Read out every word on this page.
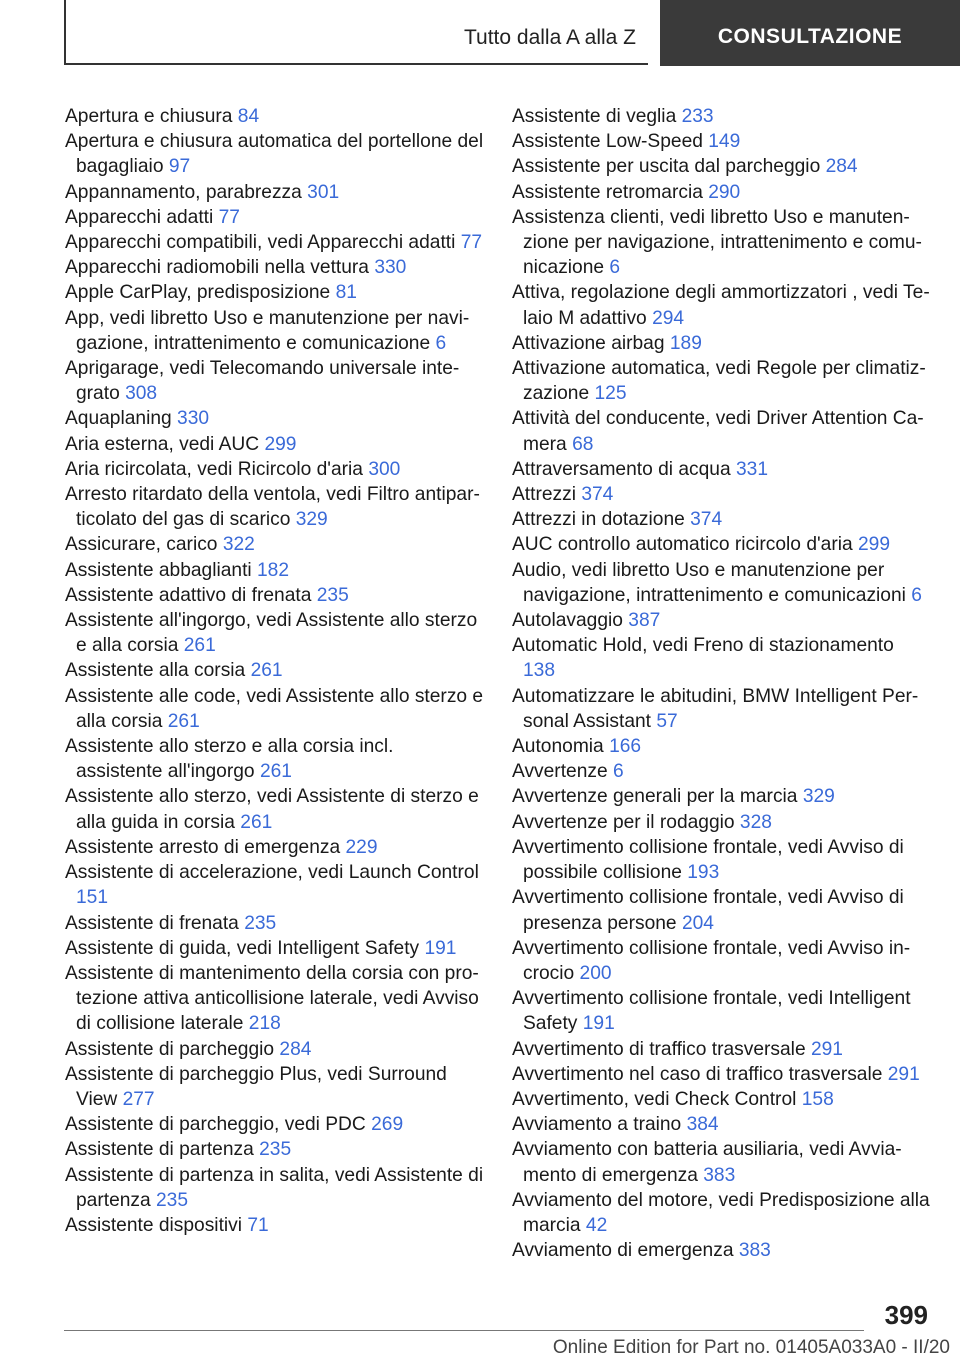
Tutto dalla A alla Z	CONSULTAZIONE
Apertura e chiusura 84
Apertura e chiusura automatica del portellone del bagagliaio 97
Appannamento, parabrezza 301
Apparecchi adatti 77
Apparecchi compatibili, vedi Apparecchi adatti 77
Apparecchi radiomobili nella vettura 330
Apple CarPlay, predisposizione 81
App, vedi libretto Uso e manutenzione per navigazione, intrattenimento e comunicazione 6
Aprigarage, vedi Telecomando universale integrato 308
Aquaplaning 330
Aria esterna, vedi AUC 299
Aria ricircolata, vedi Ricircolo d'aria 300
Arresto ritardato della ventola, vedi Filtro antiparticolato del gas di scarico 329
Assicurare, carico 322
Assistente abbaglianti 182
Assistente adattivo di frenata 235
Assistente all'ingorgo, vedi Assistente allo sterzo e alla corsia 261
Assistente alla corsia 261
Assistente alle code, vedi Assistente allo sterzo e alla corsia 261
Assistente allo sterzo e alla corsia incl. assistente all'ingorgo 261
Assistente allo sterzo, vedi Assistente di sterzo e alla guida in corsia 261
Assistente arresto di emergenza 229
Assistente di accelerazione, vedi Launch Control 151
Assistente di frenata 235
Assistente di guida, vedi Intelligent Safety 191
Assistente di mantenimento della corsia con protezione attiva anticollisione laterale, vedi Avviso di collisione laterale 218
Assistente di parcheggio 284
Assistente di parcheggio Plus, vedi Surround View 277
Assistente di parcheggio, vedi PDC 269
Assistente di partenza 235
Assistente di partenza in salita, vedi Assistente di partenza 235
Assistente dispositivi 71
Assistente di veglia 233
Assistente Low-Speed 149
Assistente per uscita dal parcheggio 284
Assistente retromarcia 290
Assistenza clienti, vedi libretto Uso e manutenzione per navigazione, intrattenimento e comunicazione 6
Attiva, regolazione degli ammortizzatori , vedi Telaio M adattivo 294
Attivazione airbag 189
Attivazione automatica, vedi Regole per climatizzazione 125
Attività del conducente, vedi Driver Attention Camera 68
Attraversamento di acqua 331
Attrezzi 374
Attrezzi in dotazione 374
AUC controllo automatico ricircolo d'aria 299
Audio, vedi libretto Uso e manutenzione per navigazione, intrattenimento e comunicazioni 6
Autolavaggio 387
Automatic Hold, vedi Freno di stazionamento 138
Automatizzare le abitudini, BMW Intelligent Personal Assistant 57
Autonomia 166
Avvertenze 6
Avvertenze generali per la marcia 329
Avvertenze per il rodaggio 328
Avvertimento collisione frontale, vedi Avviso di possibile collisione 193
Avvertimento collisione frontale, vedi Avviso di presenza persone 204
Avvertimento collisione frontale, vedi Avviso incrocio 200
Avvertimento collisione frontale, vedi Intelligent Safety 191
Avvertimento di traffico trasversale 291
Avvertimento nel caso di traffico trasversale 291
Avvertimento, vedi Check Control 158
Avviamento a traino 384
Avviamento con batteria ausiliaria, vedi Avviamento di emergenza 383
Avviamento del motore, vedi Predisposizione alla marcia 42
Avviamento di emergenza 383
399
Online Edition for Part no. 01405A033A0 - II/20
